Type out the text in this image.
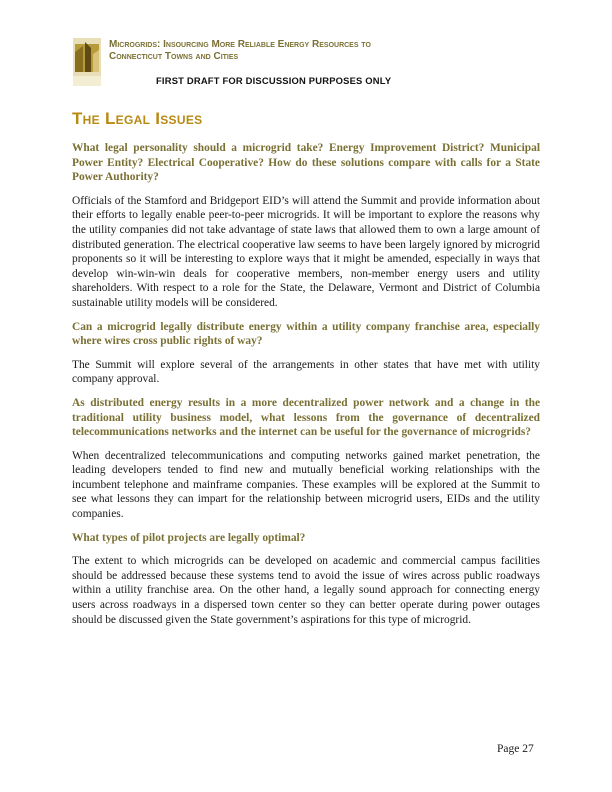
Microgrids: Insourcing More Reliable Energy Resources to
Connecticut Towns and Cities
FIRST DRAFT FOR DISCUSSION PURPOSES ONLY
The Legal Issues
What legal personality should a microgrid take? Energy Improvement District? Municipal Power Entity? Electrical Cooperative? How do these solutions compare with calls for a State Power Authority?
Officials of the Stamford and Bridgeport EID’s will attend the Summit and provide information about their efforts to legally enable peer-to-peer microgrids. It will be important to explore the reasons why the utility companies did not take advantage of state laws that allowed them to own a large amount of distributed generation. The electrical cooperative law seems to have been largely ignored by microgrid proponents so it will be interesting to explore ways that it might be amended, especially in ways that develop win-win-win deals for cooperative members, non-member energy users and utility shareholders. With respect to a role for the State, the Delaware, Vermont and District of Columbia sustainable utility models will be considered.
Can a microgrid legally distribute energy within a utility company franchise area, especially where wires cross public rights of way?
The Summit will explore several of the arrangements in other states that have met with utility company approval.
As distributed energy results in a more decentralized power network and a change in the traditional utility business model, what lessons from the governance of decentralized telecommunications networks and the internet can be useful for the governance of microgrids?
When decentralized telecommunications and computing networks gained market penetration, the leading developers tended to find new and mutually beneficial working relationships with the incumbent telephone and mainframe companies. These examples will be explored at the Summit to see what lessons they can impart for the relationship between microgrid users, EIDs and the utility companies.
What types of pilot projects are legally optimal?
The extent to which microgrids can be developed on academic and commercial campus facilities should be addressed because these systems tend to avoid the issue of wires across public roadways within a utility franchise area. On the other hand, a legally sound approach for connecting energy users across roadways in a dispersed town center so they can better operate during power outages should be discussed given the State government’s aspirations for this type of microgrid.
Page 27
